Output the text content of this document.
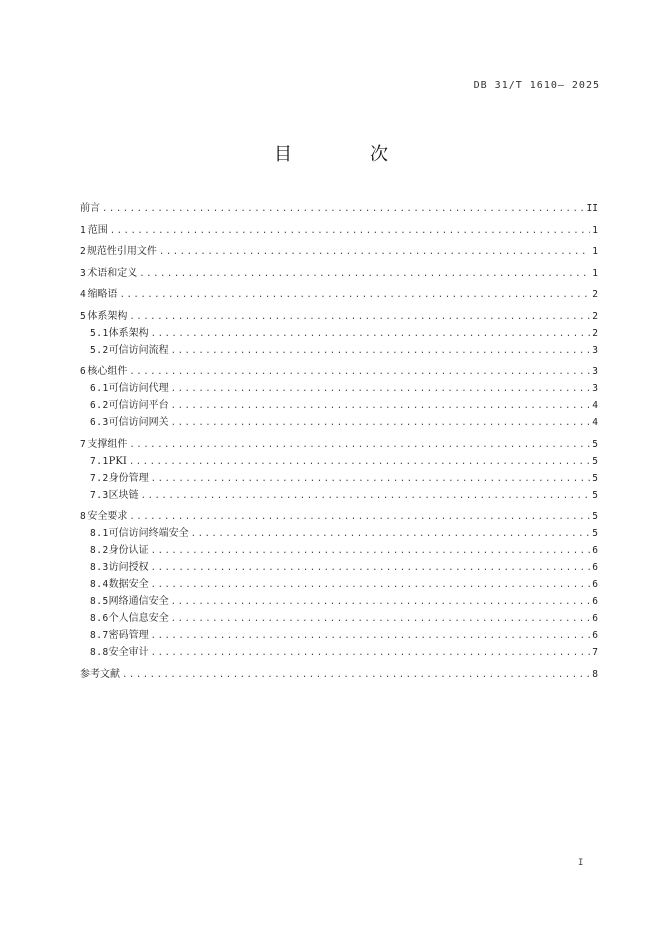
DB 31/T 1610— 2025
目　次
前言 .....	II
1 范围 .....	1
2 规范性引用文件 .....	1
3 术语和定义 .....	1
4 缩略语 .....	2
5 体系架构 .....	2
5.1 体系架构 .....	2
5.2 可信访问流程 .....	3
6 核心组件 .....	3
6.1 可信访问代理 .....	3
6.2 可信访问平台 .....	4
6.3 可信访问网关 .....	4
7 支撑组件 .....	5
7.1 PKI .....	5
7.2 身份管理 .....	5
7.3 区块链 .....	5
8 安全要求 .....	5
8.1 可信访问终端安全 .....	5
8.2 身份认证 .....	6
8.3 访问授权 .....	6
8.4 数据安全 .....	6
8.5 网络通信安全 .....	6
8.6 个人信息安全 .....	6
8.7 密码管理 .....	6
8.8 安全审计 .....	7
参考文献 .....	8
I
